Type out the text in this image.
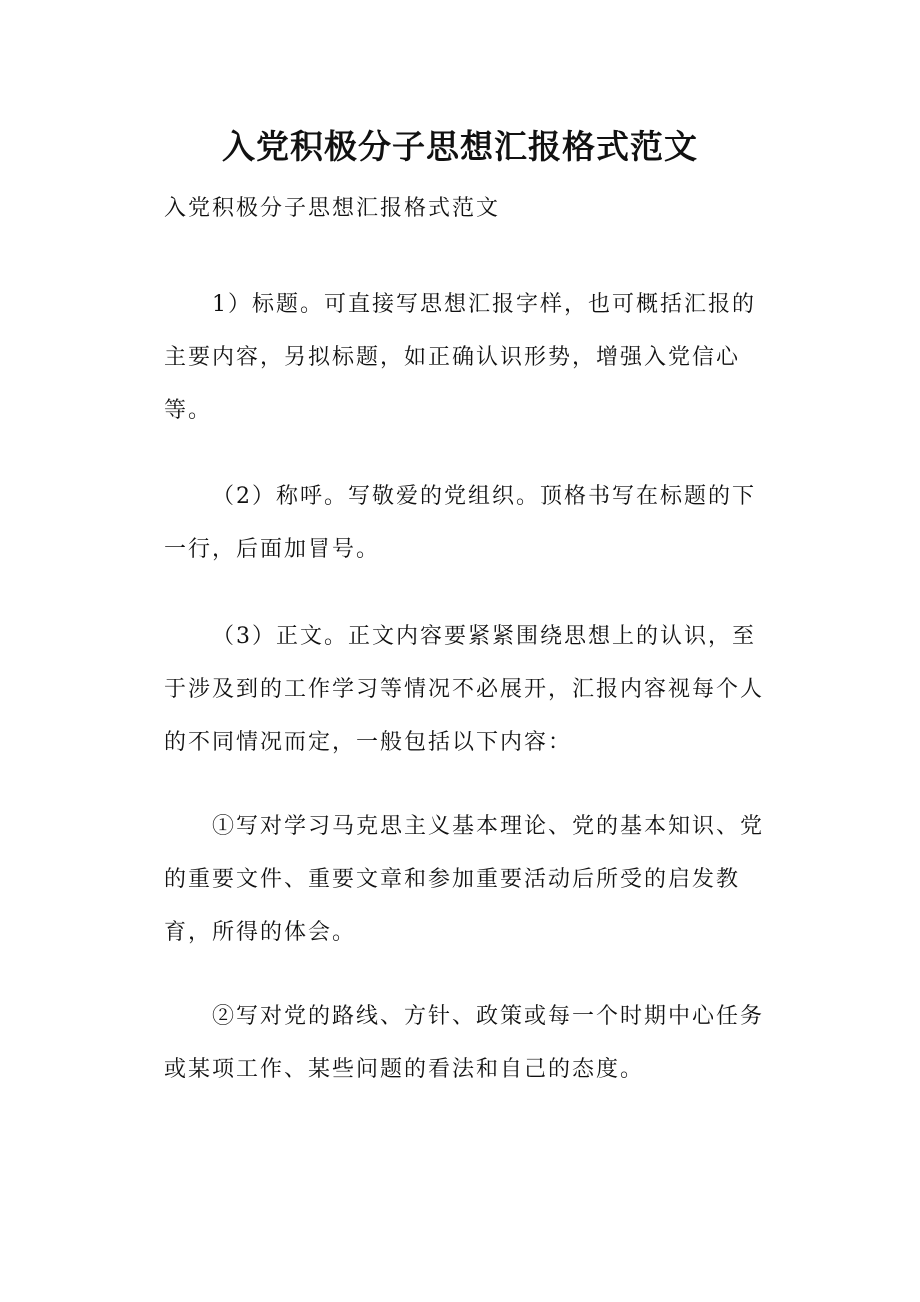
入党积极分子思想汇报格式范文

入党积极分子思想汇报格式范文

1）标题。可直接写思想汇报字样，也可概括汇报的主要内容，另拟标题，如正确认识形势，增强入党信心等。

（2）称呼。写敬爱的党组织。顶格书写在标题的下一行，后面加冒号。

（3）正文。正文内容要紧紧围绕思想上的认识，至于涉及到的工作学习等情况不必展开，汇报内容视每个人的不同情况而定，一般包括以下内容：

①写对学习马克思主义基本理论、党的基本知识、党的重要文件、重要文章和参加重要活动后所受的启发教育，所得的体会。

②写对党的路线、方针、政策或每一个时期中心任务或某项工作、某些问题的看法和自己的态度。
